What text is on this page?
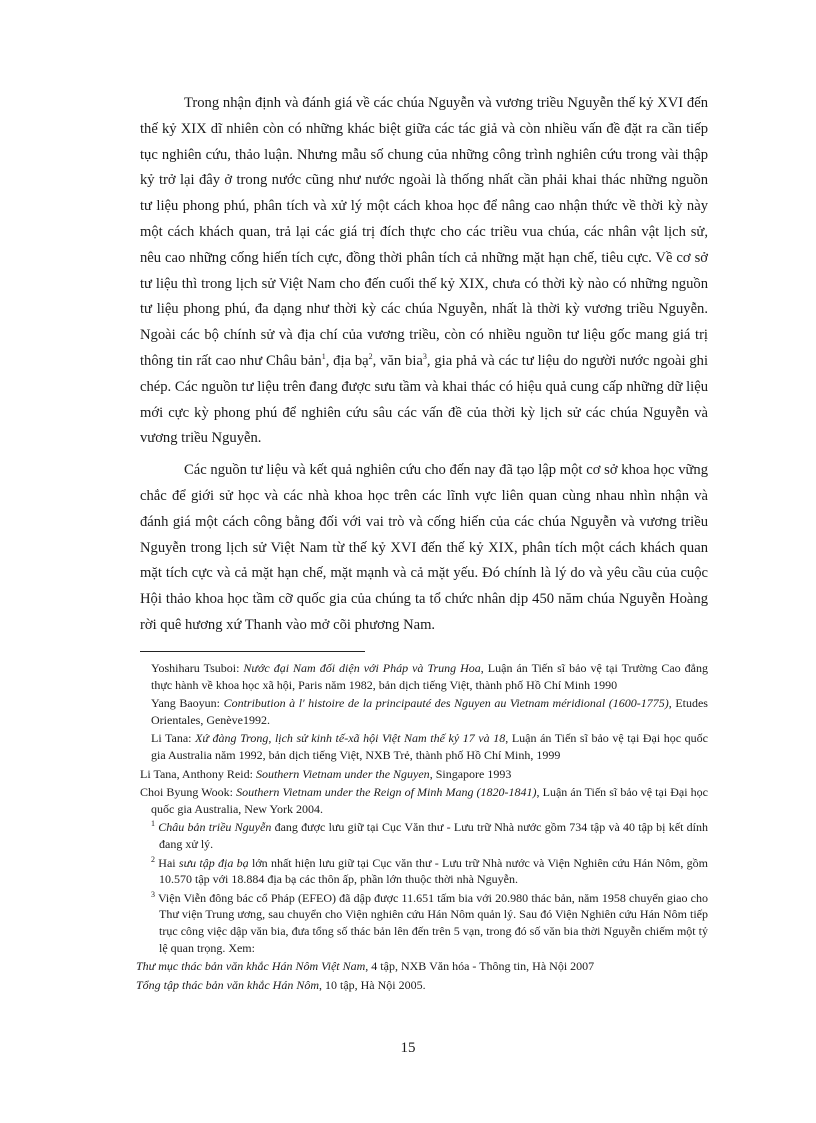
Trong nhận định và đánh giá về các chúa Nguyễn và vương triều Nguyễn thế kỷ XVI đến thế kỷ XIX dĩ nhiên còn có những khác biệt giữa các tác giả và còn nhiều vấn đề đặt ra cần tiếp tục nghiên cứu, thảo luận. Nhưng mẫu số chung của những công trình nghiên cứu trong vài thập kỷ trở lại đây ở trong nước cũng như nước ngoài là thống nhất cần phải khai thác những nguồn tư liệu phong phú, phân tích và xử lý một cách khoa học để nâng cao nhận thức về thời kỳ này một cách khách quan, trả lại các giá trị đích thực cho các triều vua chúa, các nhân vật lịch sử, nêu cao những cống hiến tích cực, đồng thời phân tích cả những mặt hạn chế, tiêu cực. Về cơ sở tư liệu thì trong lịch sử Việt Nam cho đến cuối thế kỷ XIX, chưa có thời kỳ nào có những nguồn tư liệu phong phú, đa dạng như thời kỳ các chúa Nguyễn, nhất là thời kỳ vương triều Nguyễn. Ngoài các bộ chính sử và địa chí của vương triều, còn có nhiều nguồn tư liệu gốc mang giá trị thông tin rất cao như Châu bản$^1$, địa bạ$^2$, văn bia$^3$, gia phả và các tư liệu do người nước ngoài ghi chép. Các nguồn tư liệu trên đang được sưu tầm và khai thác có hiệu quả cung cấp những dữ liệu mới cực kỳ phong phú để nghiên cứu sâu các vấn đề của thời kỳ lịch sử các chúa Nguyễn và vương triều Nguyễn.

Các nguồn tư liệu và kết quả nghiên cứu cho đến nay đã tạo lập một cơ sở khoa học vững chắc để giới sử học và các nhà khoa học trên các lĩnh vực liên quan cùng nhau nhìn nhận và đánh giá một cách công bằng đối với vai trò và cống hiến của các chúa Nguyễn và vương triều Nguyễn trong lịch sử Việt Nam từ thế kỷ XVI đến thế kỷ XIX, phân tích một cách khách quan mặt tích cực và cả mặt hạn chế, mặt mạnh và cả mặt yếu. Đó chính là lý do và yêu cầu của cuộc Hội thảo khoa học tầm cỡ quốc gia của chúng ta tổ chức nhân dịp 450 năm chúa Nguyễn Hoàng rời quê hương xứ Thanh vào mở cõi phương Nam.

Yoshiharu Tsuboi: Nước đại Nam đối diện với Pháp và Trung Hoa, Luận án Tiến sĩ bảo vệ tại Trường Cao đẳng thực hành về khoa học xã hội, Paris năm 1982, bản dịch tiếng Việt, thành phố Hồ Chí Minh 1990
Yang Baoyun: Contribution à l' histoire de la principauté des Nguyen au Vietnam méridional (1600-1775), Etudes Orientales, Genève1992.
Li Tana: Xứ đàng Trong, lịch sử kinh tế-xã hội Việt Nam thế kỷ 17 và 18, Luận án Tiến sĩ bảo vệ tại Đại học quốc gia Australia năm 1992, bản dịch tiếng Việt, NXB Trẻ, thành phố Hồ Chí Minh, 1999
Li Tana, Anthony Reid: Southern Vietnam under the Nguyen, Singapore 1993
Choi Byung Wook: Southern Vietnam under the Reign of Minh Mang (1820-1841), Luận án Tiến sĩ bảo vệ tại Đại học quốc gia Australia, New York 2004.
$^1$ Châu bản triều Nguyễn đang được lưu giữ tại Cục Văn thư - Lưu trữ Nhà nước gồm 734 tập và 40 tập bị kết dính đang xử lý.
$^2$ Hai sưu tập địa bạ lớn nhất hiện lưu giữ tại Cục văn thư - Lưu trữ Nhà nước và Viện Nghiên cứu Hán Nôm, gồm 10.570 tập với 18.884 địa bạ các thôn ấp, phần lớn thuộc thời nhà Nguyễn.
$^3$ Viện Viễn đông bác cổ Pháp (EFEO) đã dập được 11.651 tấm bia với 20.980 thác bản, năm 1958 chuyển giao cho Thư viện Trung ương, sau chuyển cho Viện nghiên cứu Hán Nôm quản lý. Sau đó Viện Nghiên cứu Hán Nôm tiếp trục công việc dập văn bia, đưa tổng số thác bản lên đến trên 5 vạn, trong đó số văn bia thời Nguyễn chiếm một tỷ lệ quan trọng. Xem:
Thư mục thác bản văn khắc Hán Nôm Việt Nam, 4 tập, NXB Văn hóa - Thông tin, Hà Nội 2007
Tổng tập thác bản văn khắc Hán Nôm, 10 tập, Hà Nội 2005.
15
